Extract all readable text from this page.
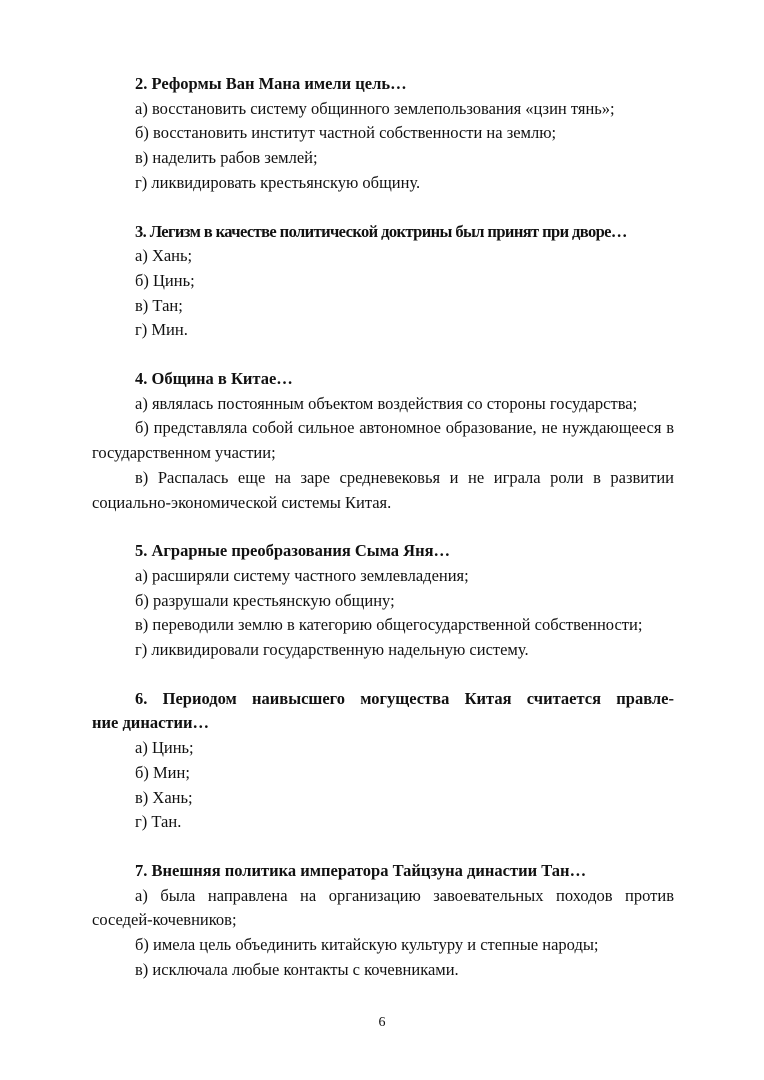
2. Реформы Ван Мана имели цель…

а) восстановить систему общинного землепользования «цзин тянь»;

б) восстановить институт частной собственности на землю;

в) наделить рабов землей;

г) ликвидировать крестьянскую общину.

3. Легизм в качестве политической доктрины был принят при дворе…

а) Хань;

б) Цинь;

в) Тан;

г) Мин.

4. Община в Китае…

а) являлась постоянным объектом воздействия со стороны государства;

б) представляла собой сильное автономное образование, не нуждающееся в государственном участии;

в) Распалась еще на заре средневековья и не играла роли в развитии социально-экономической системы Китая.

5. Аграрные преобразования Сыма Яня…

а) расширяли систему частного землевладения;

б) разрушали крестьянскую общину;

в) переводили землю в категорию общегосударственной собственности;

г) ликвидировали государственную надельную систему.

6. Периодом наивысшего могущества Китая считается правле-

ние династии…

а) Цинь;

б) Мин;

в) Хань;

г) Тан.

7. Внешняя политика императора Тайцзуна династии Тан…

а) была направлена на организацию завоевательных походов против соседей-кочевников;

б) имела цель объединить китайскую культуру и степные народы;

в) исключала любые контакты с кочевниками.

6
